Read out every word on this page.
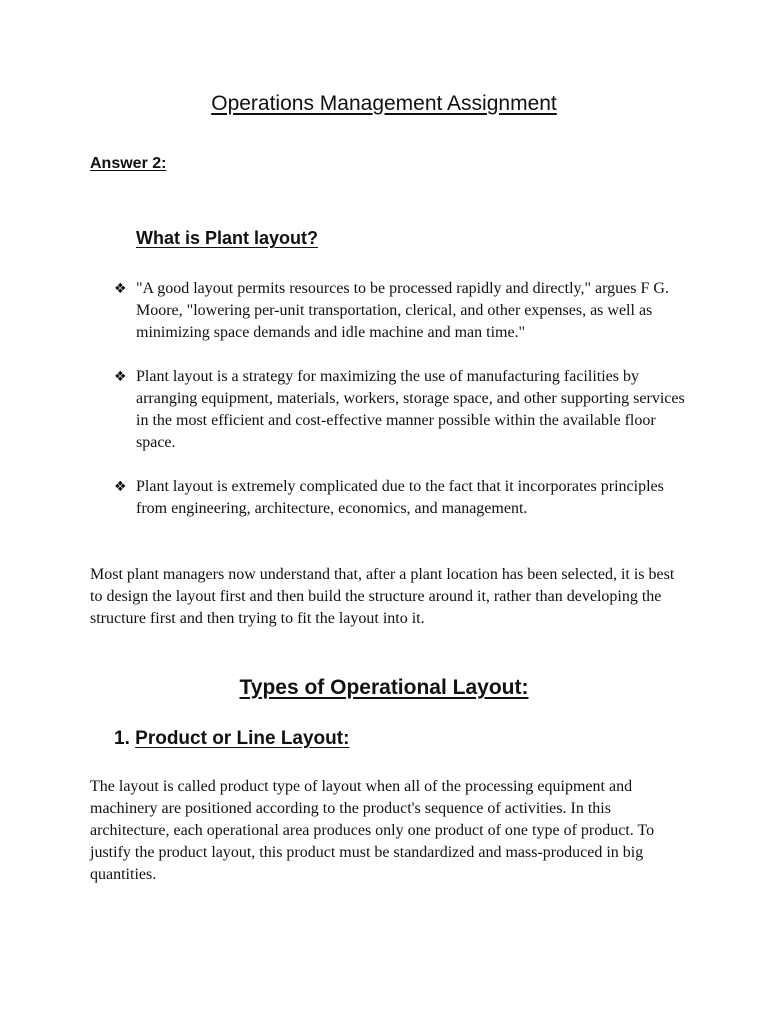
Operations Management Assignment
Answer 2:
What is Plant layout?
❖ "A good layout permits resources to be processed rapidly and directly," argues F G. Moore, "lowering per-unit transportation, clerical, and other expenses, as well as minimizing space demands and idle machine and man time."
❖ Plant layout is a strategy for maximizing the use of manufacturing facilities by arranging equipment, materials, workers, storage space, and other supporting services in the most efficient and cost-effective manner possible within the available floor space.
❖ Plant layout is extremely complicated due to the fact that it incorporates principles from engineering, architecture, economics, and management.

Most plant managers now understand that, after a plant location has been selected, it is best to design the layout first and then build the structure around it, rather than developing the structure first and then trying to fit the layout into it.

Types of Operational Layout:
1. Product or Line Layout:

The layout is called product type of layout when all of the processing equipment and machinery are positioned according to the product's sequence of activities. In this architecture, each operational area produces only one product of one type of product. To justify the product layout, this product must be standardized and mass-produced in big quantities.
